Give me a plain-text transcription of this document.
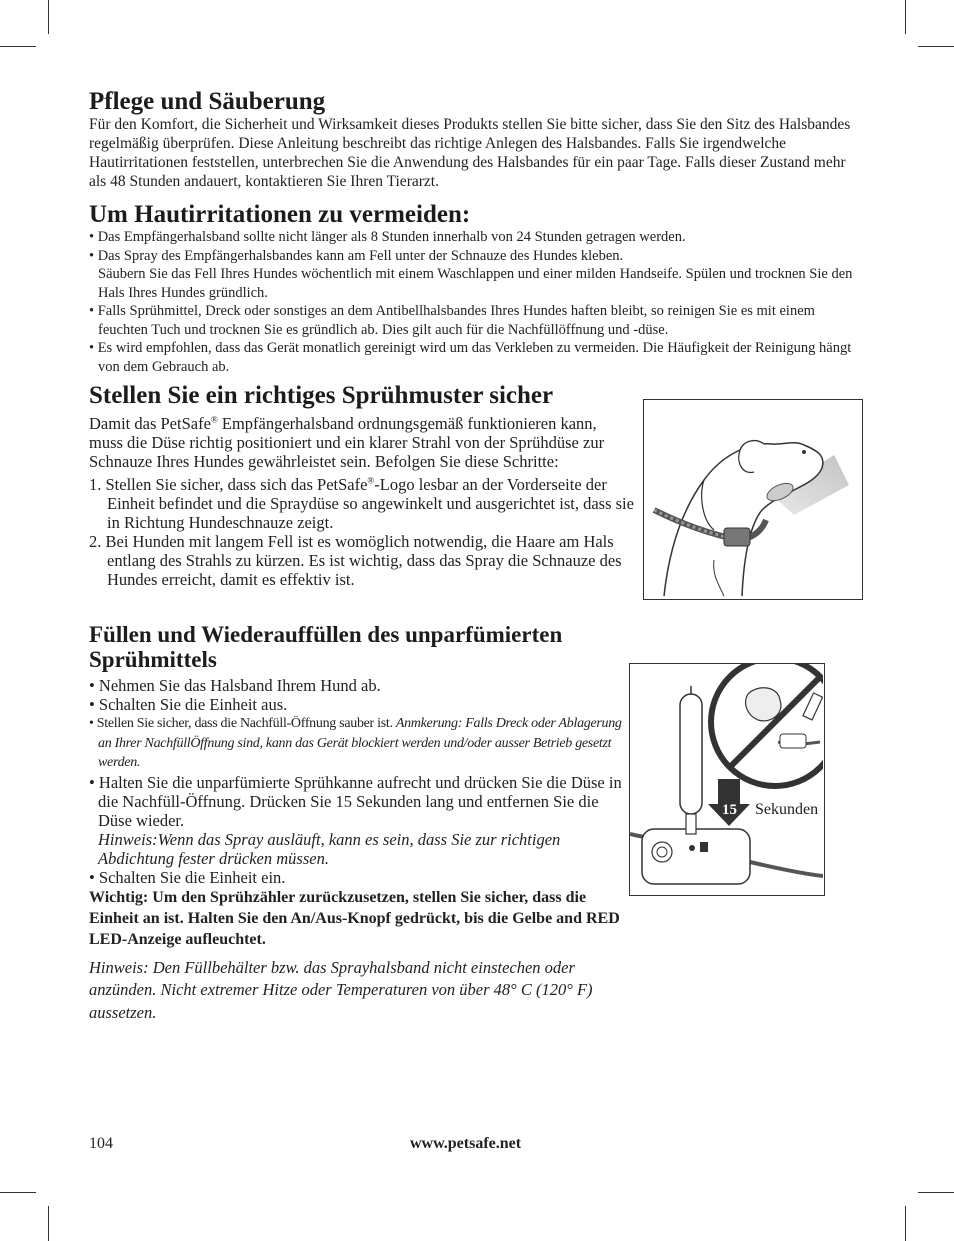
Pflege und Säuberung

Für den Komfort, die Sicherheit und Wirksamkeit dieses Produkts stellen Sie bitte sicher, dass Sie den Sitz des Halsbandes regelmäßig überprüfen. Diese Anleitung beschreibt das richtige Anlegen des Halsbandes. Falls Sie irgendwelche Hautirritationen feststellen, unterbrechen Sie die Anwendung des Halsbandes für ein paar Tage. Falls dieser Zustand mehr als 48 Stunden andauert, kontaktieren Sie Ihren Tierarzt.

Um Hautirritationen zu vermeiden:
• Das Empfängerhalsband sollte nicht länger als 8 Stunden innerhalb von 24 Stunden getragen werden.
• Das Spray des Empfängerhalsbandes kann am Fell unter der Schnauze des Hundes kleben.
Säubern Sie das Fell Ihres Hundes wöchentlich mit einem Waschlappen und einer milden Handseife. Spülen und trocknen Sie den Hals Ihres Hundes gründlich.
• Falls Sprühmittel, Dreck oder sonstiges an dem Antibellhalsbandes Ihres Hundes haften bleibt, so reinigen Sie es mit einem feuchten Tuch und trocknen Sie es gründlich ab. Dies gilt auch für die Nachfüllöffnung und -düse.
• Es wird empfohlen, dass das Gerät monatlich gereinigt wird um das Verkleben zu vermeiden. Die Häufigkeit der Reinigung hängt von dem Gebrauch ab.
Stellen Sie ein richtiges Sprühmuster sicher

Damit das PetSafe® Empfängerhalsband ordnungsgemäß funktionieren kann, muss die Düse richtig positioniert und ein klarer Strahl von der Sprühdüse zur Schnauze Ihres Hundes gewährleistet sein. Befolgen Sie diese Schritte:

1. Stellen Sie sicher, dass sich das PetSafe®-Logo lesbar an der Vorderseite der Einheit befindet und die Spraydüse so angewinkelt und ausgerichtet ist, dass sie in Richtung Hundeschnauze zeigt.
2. Bei Hunden mit langem Fell ist es womöglich notwendig, die Haare am Hals entlang des Strahls zu kürzen. Es ist wichtig, dass das Spray die Schnauze des Hundes erreicht, damit es effektiv ist.
Füllen und Wiederauffüllen des unparfümierten
Sprühmittels
• Nehmen Sie das Halsband Ihrem Hund ab.
• Schalten Sie die Einheit aus.
• Stellen Sie sicher, dass die Nachfüll-Öffnung sauber ist. Anmkerung: Falls Dreck oder Ablagerung an Ihrer NachfüllÖffnung sind, kann das Gerät blockiert werden und/oder ausser Betrieb gesetzt werden.
• Halten Sie die unparfümierte Sprühkanne aufrecht und drücken Sie die Düse in die Nachfüll-Öffnung. Drücken Sie 15 Sekunden lang und entfernen Sie die Düse wieder.
Hinweis:Wenn das Spray ausläuft, kann es sein, dass Sie zur richtigen Abdichtung fester drücken müssen.
• Schalten Sie die Einheit ein.

Wichtig: Um den Sprühzähler zurückzusetzen, stellen Sie sicher, dass die Einheit an ist. Halten Sie den An/Aus-Knopf gedrückt, bis die Gelbe and RED LED-Anzeige aufleuchtet.

Hinweis: Den Füllbehälter bzw. das Sprayhalsband nicht einstechen oder anzünden. Nicht extremer Hitze oder Temperaturen von über 48° C (120° F) aussetzen.

15 Sekunden
104	www.petsafe.net
